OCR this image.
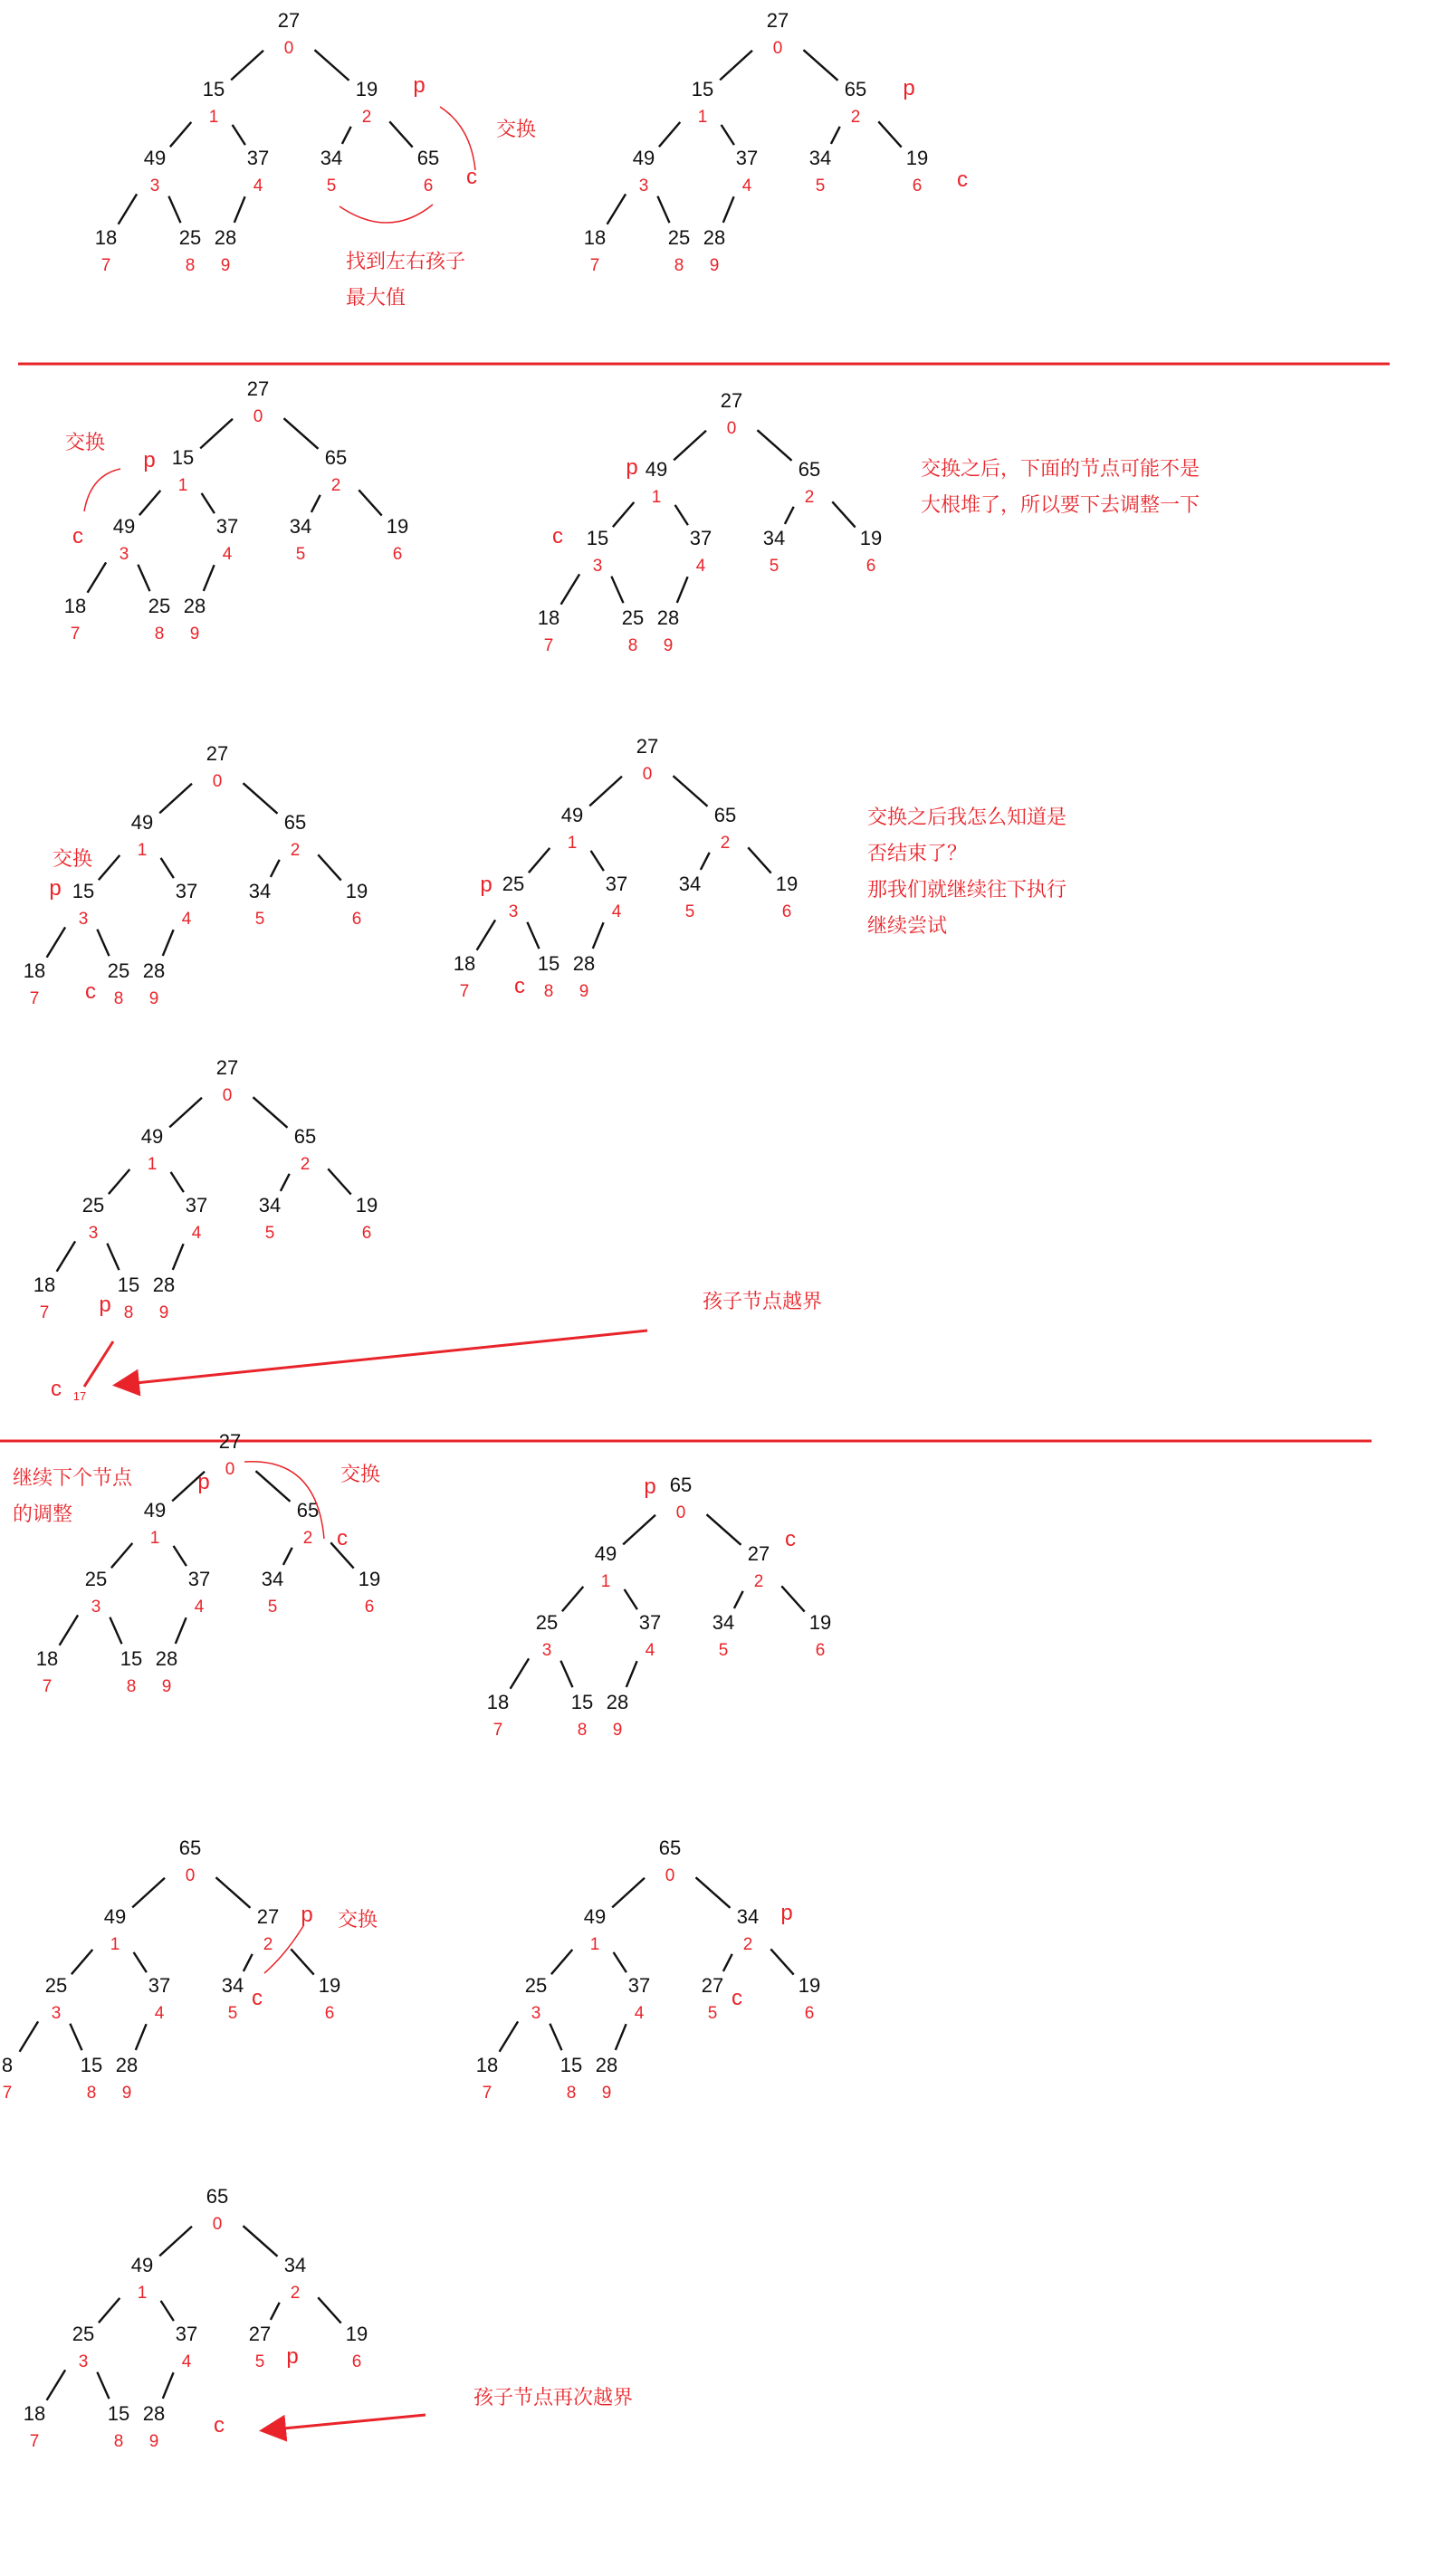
27
0
15
1
19
2
49
3
37
4
34
5
65
6
18
7
25
8
28
9
27
0
15
1
65
2
49
3
37
4
34
5
19
6
18
7
25
8
28
9
27
0
15
1
65
2
49
3
37
4
34
5
19
6
18
7
25
8
28
9
27
0
49
1
65
2
15
3
37
4
34
5
19
6
18
7
25
8
28
9
27
0
49
1
65
2
15
3
37
4
34
5
19
6
18
7
25
8
28
9
27
0
49
1
65
2
25
3
37
4
34
5
19
6
18
7
15
8
28
9
27
0
49
1
65
2
25
3
37
4
34
5
19
6
18
7
15
8
28
9
27
0
49
1
65
2
25
3
37
4
34
5
19
6
18
7
15
8
28
9
65
0
49
1
27
2
25
3
37
4
34
5
19
6
18
7
15
8
28
9
65
0
49
1
27
2
25
3
37
4
34
5
19
6
8
7
15
8
28
9
65
0
49
1
34
2
25
3
37
4
27
5
19
6
18
7
15
8
28
9
65
0
49
1
34
2
25
3
37
4
27
5
19
6
18
7
15
8
28
9
p
c
p
c
p
c
p
c
p
c
p
c
p
c
p
c
p
c
p
c
p
c
p
c
17
交换
找到左右孩子
最大值
交换
交换之后，下面的节点可能不是
大根堆了，所以要下去调整一下
交换
交换之后我怎么知道是
否结束了？
那我们就继续往下执行
继续尝试
孩子节点越界
继续下个节点
的调整
交换
交换
孩子节点再次越界
